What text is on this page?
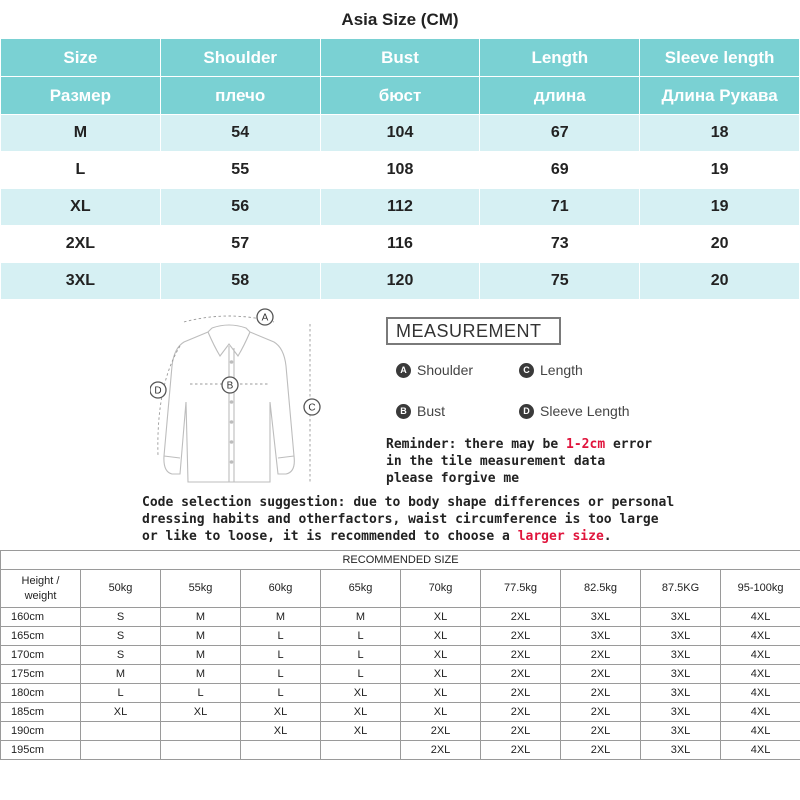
Asia Size (CM)				
Size	Shoulder	Bust	Length	Sleeve length
Размер	плечо	бюст	длина	Длина Рукава
M	54	104	67	18
L	55	108	69	19
XL	56	112	71	19
2XL	57	116	73	20
3XL	58	120	75	20
A
B
C
D
MEASUREMENT
A Shoulder	C Length
B Bust	D Sleeve Length
Reminder: there may be 1-2cm error
in the tile measurement data
please forgive me
Code selection suggestion: due to body shape differences or personal
dressing habits and otherfactors, waist circumference is too large
or like to loose, it is recommended to choose a larger size.
RECOMMENDED SIZE									
Height /
weight	50kg	55kg	60kg	65kg	70kg	77.5kg	82.5kg	87.5KG	95-100kg
160cm	S	M	M	M	XL	2XL	3XL	3XL	4XL
165cm	S	M	L	L	XL	2XL	3XL	3XL	4XL
170cm	S	M	L	L	XL	2XL	2XL	3XL	4XL
175cm	M	M	L	L	XL	2XL	2XL	3XL	4XL
180cm	L	L	L	XL	XL	2XL	2XL	3XL	4XL
185cm	XL	XL	XL	XL	XL	2XL	2XL	3XL	4XL
190cm			XL	XL	2XL	2XL	2XL	3XL	4XL
195cm					2XL	2XL	2XL	3XL	4XL
